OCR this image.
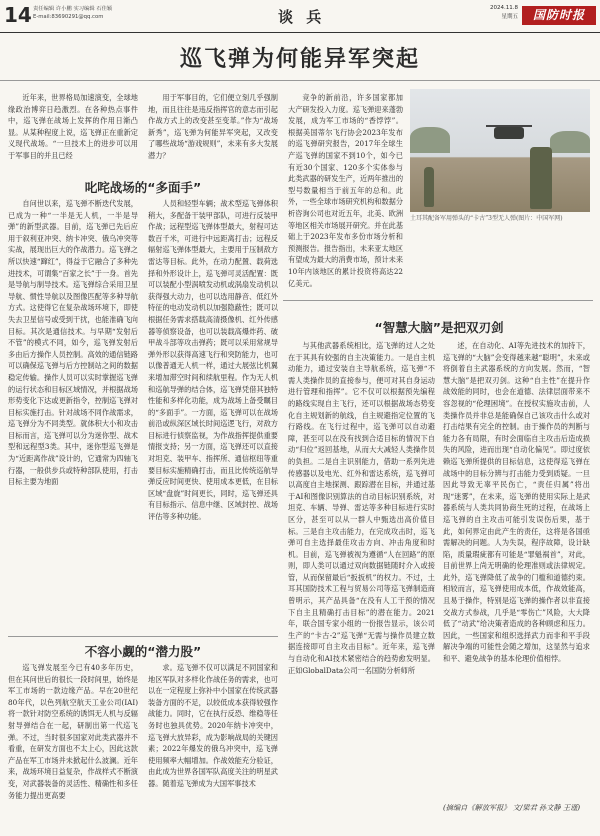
14 责任编辑 许小鹏 实习编辑 石佳颖
E-mail:83690291@qq.com	谈 兵	2024.11.8
星期五	国防时报
巡飞弹为何能异军突起

近年来，世界格局加速演变，全球地缘政治博弈日趋激烈。在各种热点事件中，巡飞弹在战场上发挥的作用日渐凸显。从某种程度上说，巡飞弹正在重新定义现代战场。“一旦技术上的进步可以用于军事目的并且已经

用于军事目的，它们便立刻几乎强制地，而且往往是违反指挥官的意志而引起作战方式上的改变甚至变革。”作为“战场新秀”，巡飞弹为何能异军突起，又改变了哪些战场“游戏规则”，未来有多大发展潜力？

竞争的新前沿，许多国家都加大产研发投入力度。巡飞弹迎来蓬勃发展，成为军工市场的“香饽饽”。根据美国蒂尔飞行协会2023年发布的巡飞弹研究报告，2017年全球生产巡飞弹的国家不到10个，如今已有近30个国家、120多个实体参与此类武器的研发生产，近两年推出的型号数量相当于前五年的总和。此外，一些全球市场研究机构和数据分析咨询公司也对近五年，北美、欧洲等地区相关市场展开研究。并在此基础上于2023年发布多份市场分析和预测报告。报告指出，未来亚太地区有望成为最大的消费市场，预计未来10年内该地区的累计投资将高达22亿美元。

土耳其配备军用弹头的“卡古”3型无人弹(图片：中国军网)
叱咤战场的“多面手”

自问世以来，巡飞弹不断迭代发展，已成为一种“一半是无人机，一半是导弹”的新型武器。目前，巡飞弹已先后应用于叙利亚冲突、纳卡冲突、俄乌冲突等实战，展现出巨大的作战潜力。巡飞弹之所以快速“蹿红”，得益于它融合了多种先进技术，可谓集“百家之长”于一身。首先是导航与制导技术。巡飞弹综合采用卫星导航、惯性导航以及图像匹配等多种导航方式。这使得它在复杂战场环境下，即使失去卫星信号或受到干扰，也能准确飞向目标。其次是通信技术。与早期“发射后不管”的模式不同，如今，巡飞弹发射后多由后方操作人员控制。高效的通信链路可以确保巡飞弹与后方控制站之间的数据稳定传输。操作人员可以实时掌握巡飞弹的运行状态和目标区域情况，并根据战场形势变化下达或更新指令，控制巡飞弹对目标实施打击。针对战场不同作战需求，巡飞弹分为不同类型。就体积大小和攻击目标而言，巡飞弹可以分为迷你型、战术型和远程型3类。其中，迷你型巡飞弹是为“近距离作战”设计的，它通常为四轴飞行器，一般供步兵或特种部队使用，打击目标主要为地面

人员和轻型车辆；战术型巡飞弹体积稍大，多配备干装甲部队，可进行反装甲作战；远程型巡飞弹体型最大，射程可达数百千米，可进行中远距离打击；远程反辐射巡飞弹体型最大，主要用于压制敌方雷达等目标。此外，在动力配置、载荷选择和外形设计上，巡飞弹可灵活配置：既可以装配小型涡喷发动机或涡扇发动机以获得强大动力，也可以选用静音、低红外特征的电动发动机以加强隐蔽性；既可以根据任务需求搭载高清摄像机、红外传感器等侦察设备，也可以装载高爆炸药、破甲战斗部等攻击弹药；既可以采用常规导弹外形以获得高速飞行和突防能力，也可以像普通无人机一样，通过大展弦比机翼来增加滞空时间和续航里程。作为无人机和巡航导弹的结合体，巡飞弹凭借其独特性能和多样化功能，成为战场上备受瞩目的“多面手”。一方面，巡飞弹可以在战场前沿或纵深区域长时间巡逻飞行，对敌方目标进行侦察监视，为作战指挥提供重要情报支持；另一方面，巡飞弹还可以直接对坦克、装甲车、指挥所、通信枢纽等重要目标实施精确打击，而且比传统巡航导弹反应时间更快、使用成本更低，在目标区域“盘旋”时间更长，同时，巡飞弹还具有目标指示、信息中继、区域封控、战场评估等多种功能。

“智慧大脑”是把双刃剑

与其他武器系统相比，巡飞弹的过人之处在于其具有较强的自主决策能力。一是自主机动能力，通过安装自主导航系统，巡飞弹“不需人类操作员的直接参与，便可对其自身运动进行管理和指挥”。它不仅可以根据预先编程的路线实现自主飞行，还可以根据战场态势变化自主规划新的航线，自主规避指定位置的飞行路线。在飞行过程中，巡飞弹可以自动避障，甚至可以在没有找到合适目标的情况下自动“归位”返回基地，从而大大减轻人类操作员的负担。二是自主识别能力，借助一系列先进传感器以及电光、红外和雷达系统，巡飞弹可以高度自主地探测、跟踪潜在目标，并通过基于AI和图像识别算法的自动目标识别系统，对坦克、车辆、导弹、雷达等多种目标进行实时区分，甚至可以从一群人中甄选出高价值目标。三是自主攻击能力，在完成攻击时，巡飞弹可自主选择最佳攻击方向、冲击角度和时机。目前，巡飞弹被视为遵循“人在回路”的原则，即人类可以通过双向数据链随时介入或接管，从而保留最后“扳扳机”的权力。不过，土耳其国防技术工程与贸易公司等巡飞弹制造商曾明示，其产品具备“在没有人工干预的情况下自主且精确打击目标”的潜在能力。2021年，联合国专家小组的一份报告显示，该公司生产的“卡古-2”巡飞弹“无需与操作员建立数据连接即可自主攻击目标”。近年来，巡飞弹与自动化和AI技术紧密结合的趋势愈发明显。正如GlobalData公司一名国防分析师所

述，在自动化、AI等先进技术的加持下，巡飞弹的“大脑”会变得越来越“聪明”，未来或将倒着自主武器系统的方向发展。然而，“智慧大脑”是把双刃剑。这种“自主性”在提升作战效能的同时，也会在道德、法律层面带来不容忽视的“伦理困境”。在授权实施攻击前，人类操作员并非总是能确保自己该攻击什么或对打击结果有完全的控制。由于操作员的判断与能力各有局限，有时会面临自主攻击后造成损失的风险，进而出现“自动化偏见”。即过度依赖巡飞弹所提供的目标信息，这使得巡飞弹在战场中的目标分辨与打击能力受到质疑。一旦因此导致无辜平民伤亡，“责任归属”将出现“迷雾”，在未来，巡飞弹的使用实际上是武器系统与人类共同协商生死的过程，在战场上巡飞弹的自主攻击可能引发误伤后果，基于此，如何界定由此产生的责任，这将是各国亟需解决的问题。人为失误，程序故障，设计缺陷，质量瑕疵都有可能是“罪魁祸首”，对此，目前世界上尚无明确的伦理准则或法律规定。此外，巡飞弹降低了战争的门槛和道德约束。相较而言，巡飞弹使用成本低，作战效能高，且易于操作，特别是巡飞弹的操作者以非直接交战方式参战，几乎是“零伤亡”风险，大大降低了“动武”给决策者造成的各种顾虑和压力。因此，一些国家和组织选择武力而非和平手段解决争端的可能性会随之增加，这显然与追求和平、避免战争的基本伦理价值相悖。

(摘编自《解放军报》 文/梁君 孙文静 王谨)
不容小觑的“潜力股”

巡飞弹发展至今已有40多年历史，但在其问世后的很长一段时间里，始终是军工市场的一款边缘产品。早在20世纪80年代，以色列航空航天工业公司(IAI)将一款针对防空系统的诱饵无人机与反辐射导弹结合在一起，研制出第一代巡飞弹。不过，当时很多国家对此类武器并不看重，在研发方面也不太上心，因此这款产品在军工市场并未掀起什么波澜。近年来，战场环境日益复杂，作战样式不断演变，对武器装备的灵活性、精确性和多任务能力提出更高要

求。巡飞弹不仅可以满足不同国家和地区军队对多样化作战任务的需求，也可以在一定程度上弥补中小国家在传统武器装备方面的不足，以较低成本获得较强作战能力。同时，它在执行反恐、维稳等任务时也独具优势。2020年纳卡冲突中，巡飞弹大放异彩，成为影响战局的关键因素；2022年爆发的俄乌冲突中，巡飞弹使用频率大幅增加。作战效能充分验证，由此成为世界各国军队高度关注的明星武器。随着巡飞弹成为大国军事技术
